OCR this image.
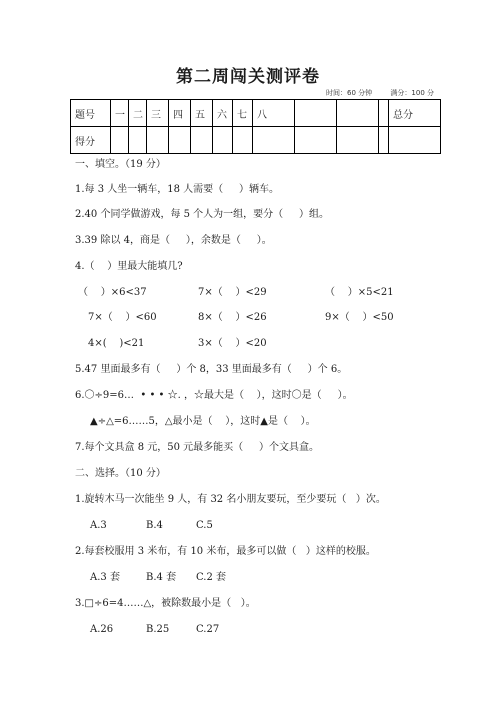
第二周闯关测评卷
时间：60 分钟	满分：100 分
题号	一	二	三	四	五	六	七	八				总分
得分												
一、填空。（19 分）
1.每 3 人坐一辆车，18 人需要（     ）辆车。
2.40 个同学做游戏，每 5 个人为一组，要分（     ）组。
3.39 除以 4，商是（     ），余数是（     ）。
4.（    ）里最大能填几?
（    ）×6<37	7×（    ）<29	（    ）×5<21
7×（    ）<60	8×（    ）<26	9×（    ）<50
4×(    )<21	3×（    ）<20
5.47 里面最多有（     ）个 8，33 里面最多有（     ）个 6。
6.〇÷9=6…  • • • ☆. ，☆最大是（    ），这时〇是（     ）。
▲÷△=6……5，△最小是（    ），这时▲是（    ）。
7.每个文具盒 8 元，50 元最多能买（     ）个文具盒。
二、选择。（10 分）
1.旋转木马一次能坐 9 人，有 32 名小朋友要玩，至少要玩（   ）次。
A.3	B.4	C.5
2.每套校服用 3 米布，有 10 米布，最多可以做（   ）这样的校服。
A.3 套	B.4 套 C.2 套
3.□÷6=4……△，被除数最小是（   ）。
A.26	B.25	C.27
